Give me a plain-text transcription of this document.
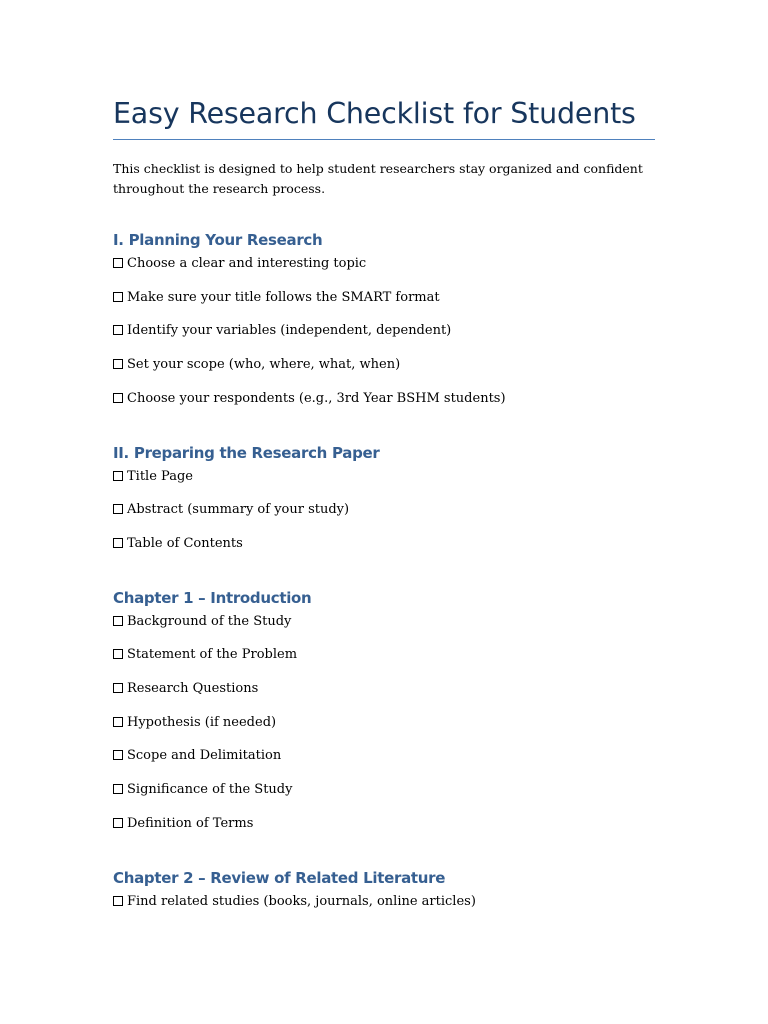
Easy Research Checklist for Students

This checklist is designed to help student researchers stay organized and confident throughout the research process.

I. Planning Your Research
Choose a clear and interesting topic
Make sure your title follows the SMART format
Identify your variables (independent, dependent)
Set your scope (who, where, what, when)
Choose your respondents (e.g., 3rd Year BSHM students)
II. Preparing the Research Paper
Title Page
Abstract (summary of your study)
Table of Contents
Chapter 1 – Introduction
Background of the Study
Statement of the Problem
Research Questions
Hypothesis (if needed)
Scope and Delimitation
Significance of the Study
Definition of Terms
Chapter 2 – Review of Related Literature
Find related studies (books, journals, online articles)
